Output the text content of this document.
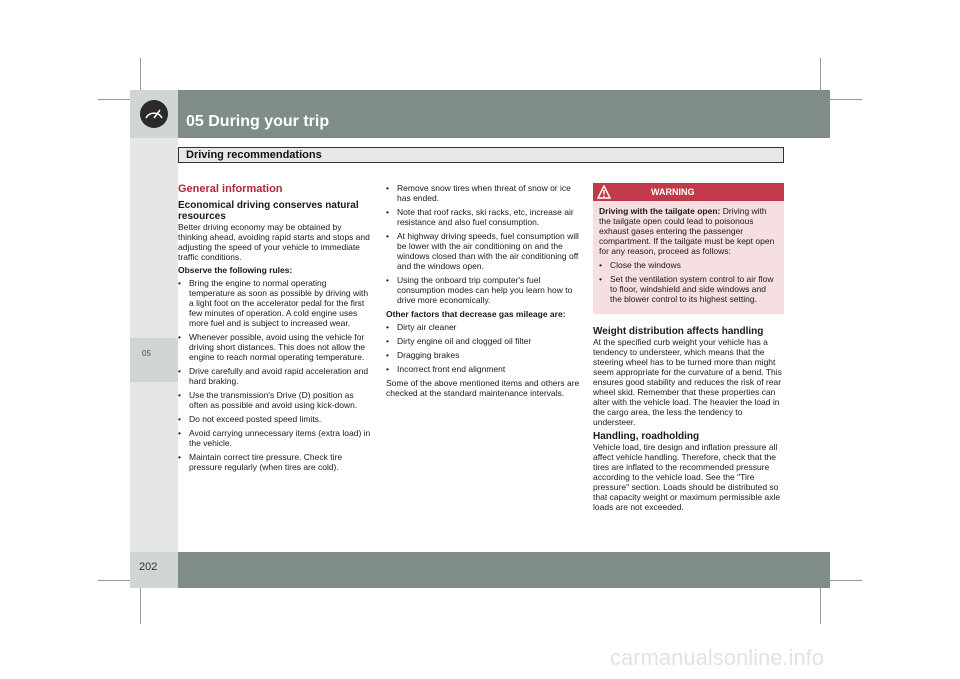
05 During your trip
Driving recommendations
05
202
General information
Economical driving conserves natural resources

Better driving economy may be obtained by thinking ahead, avoiding rapid starts and stops and adjusting the speed of your vehicle to immediate traffic conditions.

Observe the following rules:
• Bring the engine to normal operating temperature as soon as possible by driving with a light foot on the accelerator pedal for the first few minutes of operation. A cold engine uses more fuel and is subject to increased wear.
• Whenever possible, avoid using the vehicle for driving short distances. This does not allow the engine to reach normal operating temperature.
• Drive carefully and avoid rapid acceleration and hard braking.
• Use the transmission's Drive (D) position as often as possible and avoid using kick-down.
• Do not exceed posted speed limits.
• Avoid carrying unnecessary items (extra load) in the vehicle.
• Maintain correct tire pressure. Check tire pressure regularly (when tires are cold).
• Remove snow tires when threat of snow or ice has ended.
• Note that roof racks, ski racks, etc, increase air resistance and also fuel consumption.
• At highway driving speeds, fuel consumption will be lower with the air conditioning on and the windows closed than with the air conditioning off and the windows open.
• Using the onboard trip computer's fuel consumption modes can help you learn how to drive more economically.
Other factors that decrease gas mileage are:
• Dirty air cleaner
• Dirty engine oil and clogged oil filter
• Dragging brakes
• Incorrect front end alignment

Some of the above mentioned items and others are checked at the standard maintenance intervals.

WARNING

Driving with the tailgate open: Driving with the tailgate open could lead to poisonous exhaust gases entering the passenger compartment. If the tailgate must be kept open for any reason, proceed as follows:

• Close the windows
• Set the ventilation system control to air flow to floor, windshield and side windows and the blower control to its highest setting.
Weight distribution affects handling

At the specified curb weight your vehicle has a tendency to understeer, which means that the steering wheel has to be turned more than might seem appropriate for the curvature of a bend. This ensures good stability and reduces the risk of rear wheel skid. Remember that these properties can alter with the vehicle load. The heavier the load in the cargo area, the less the tendency to understeer.

Handling, roadholding

Vehicle load, tire design and inflation pressure all affect vehicle handling. Therefore, check that the tires are inflated to the recommended pressure according to the vehicle load. See the "Tire pressure" section. Loads should be distributed so that capacity weight or maximum permissible axle loads are not exceeded.

carmanualsonline.info
